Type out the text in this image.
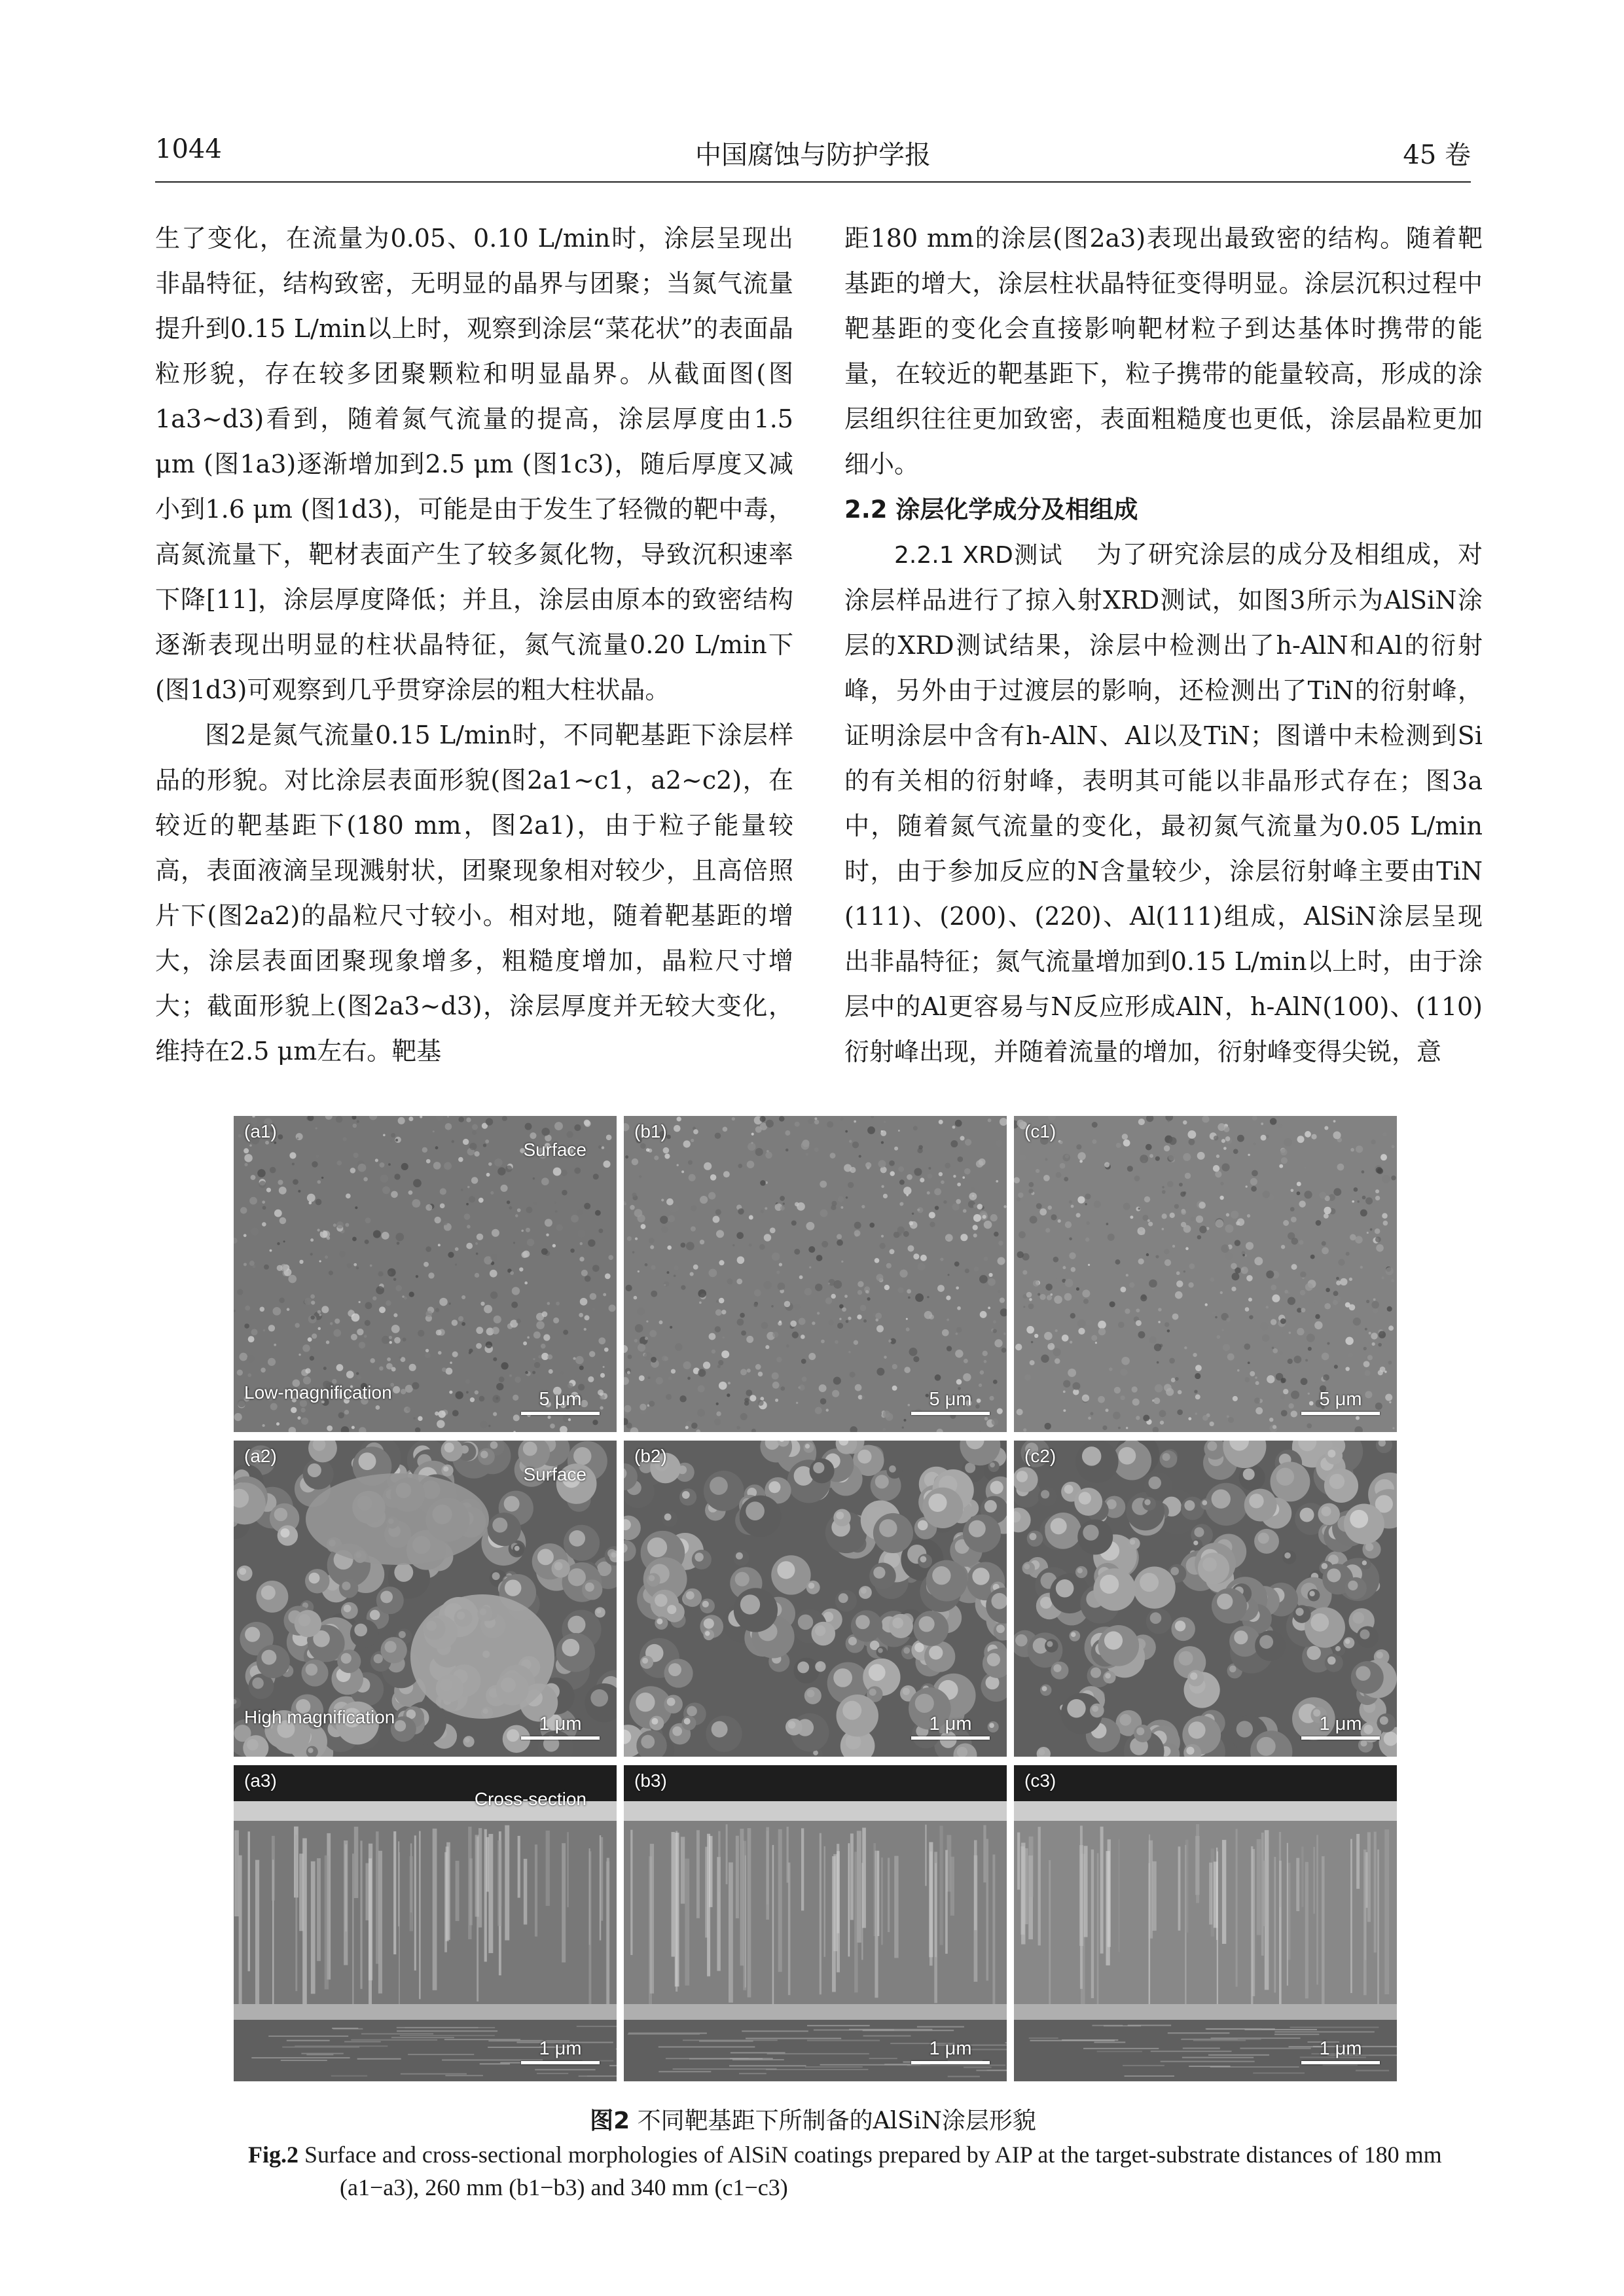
1044	中国腐蚀与防护学报	45 卷

生了变化，在流量为0.05、0.10 L/min时，涂层呈现出非晶特征，结构致密，无明显的晶界与团聚；当氮气流量提升到0.15 L/min以上时，观察到涂层“菜花状”的表面晶粒形貌，存在较多团聚颗粒和明显晶界。从截面图(图1a3~d3)看到，随着氮气流量的提高，涂层厚度由1.5 μm (图1a3)逐渐增加到2.5 μm (图1c3)，随后厚度又减小到1.6 μm (图1d3)，可能是由于发生了轻微的靶中毒，高氮流量下，靶材表面产生了较多氮化物，导致沉积速率下降[11]，涂层厚度降低；并且，涂层由原本的致密结构逐渐表现出明显的柱状晶特征，氮气流量0.20 L/min下(图1d3)可观察到几乎贯穿涂层的粗大柱状晶。

图2是氮气流量0.15 L/min时，不同靶基距下涂层样品的形貌。对比涂层表面形貌(图2a1~c1，a2~c2)，在较近的靶基距下(180 mm，图2a1)，由于粒子能量较高，表面液滴呈现溅射状，团聚现象相对较少，且高倍照片下(图2a2)的晶粒尺寸较小。相对地，随着靶基距的增大，涂层表面团聚现象增多，粗糙度增加，晶粒尺寸增大；截面形貌上(图2a3~d3)，涂层厚度并无较大变化，维持在2.5 μm左右。靶基

距180 mm的涂层(图2a3)表现出最致密的结构。随着靶基距的增大，涂层柱状晶特征变得明显。涂层沉积过程中靶基距的变化会直接影响靶材粒子到达基体时携带的能量，在较近的靶基距下，粒子携带的能量较高，形成的涂层组织往往更加致密，表面粗糙度也更低，涂层晶粒更加细小。

2.2 涂层化学成分及相组成

2.2.1 XRD测试 为了研究涂层的成分及相组成，对涂层样品进行了掠入射XRD测试，如图3所示为AlSiN涂层的XRD测试结果，涂层中检测出了h-AlN和Al的衍射峰，另外由于过渡层的影响，还检测出了TiN的衍射峰，证明涂层中含有h-AlN、Al以及TiN；图谱中未检测到Si的有关相的衍射峰，表明其可能以非晶形式存在；图3a中，随着氮气流量的变化，最初氮气流量为0.05 L/min时，由于参加反应的N含量较少，涂层衍射峰主要由TiN (111)、(200)、(220)、Al(111)组成，AlSiN涂层呈现出非晶特征；氮气流量增加到0.15 L/min以上时，由于涂层中的Al更容易与N反应形成AlN，h-AlN(100)、(110)衍射峰出现，并随着流量的增加，衍射峰变得尖锐，意

(a1)
Surface
Low-magnification	5 μm
(b1)
5 μm
(c1)
5 μm
(a2)
Surface
High magnification	1 μm
(b2)
1 μm
(c2)
1 μm
(a3)
Cross-section
1 μm
(b3)
1 μm
(c3)
1 μm
图2 不同靶基距下所制备的AlSiN涂层形貌
Fig.2 Surface and cross-sectional morphologies of AlSiN coatings prepared by AIP at the target-substrate distances of 180 mm (a1−a3), 260 mm (b1−b3) and 340 mm (c1−c3)
